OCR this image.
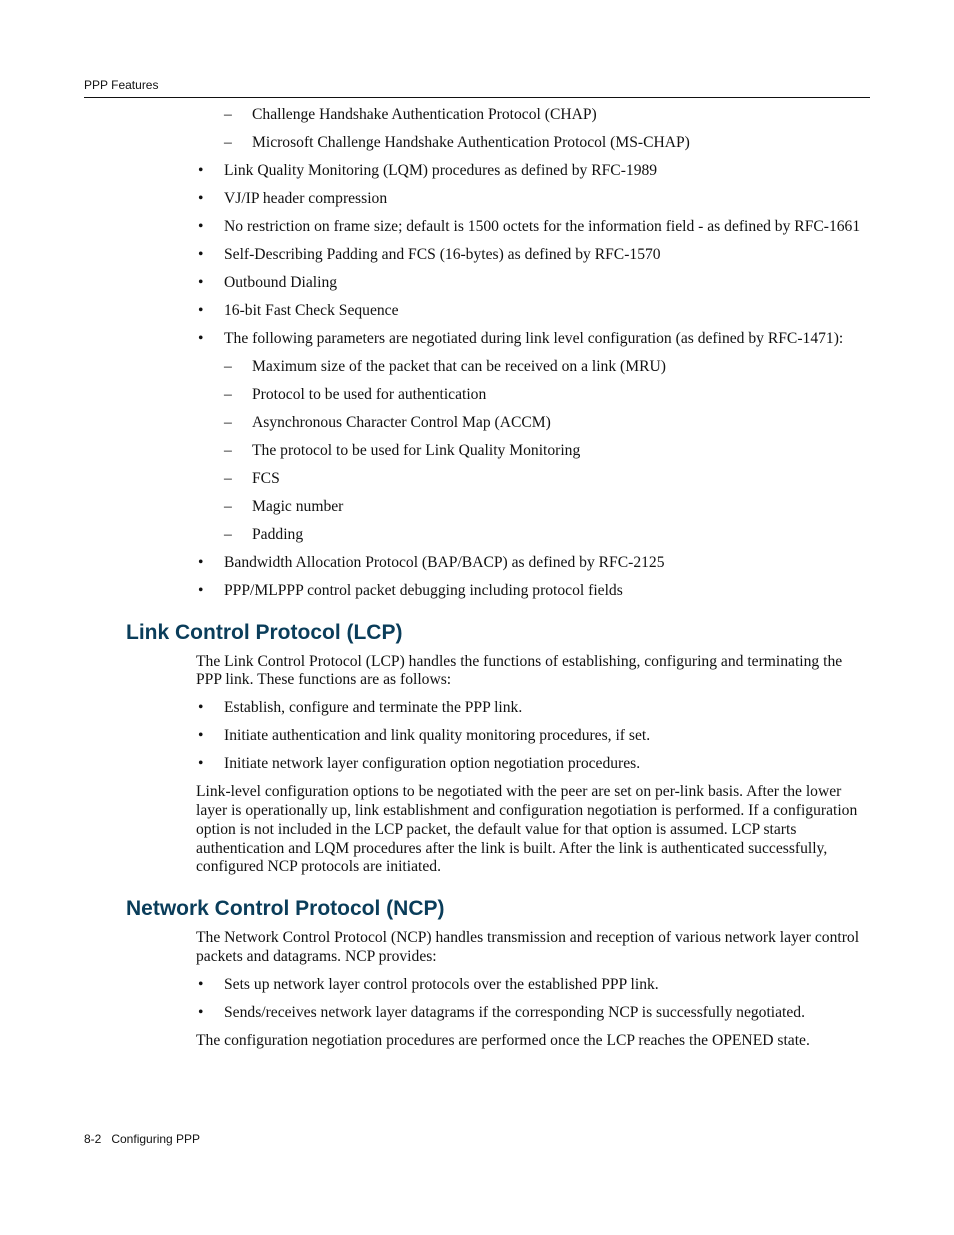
PPP Features
– Challenge Handshake Authentication Protocol (CHAP)
– Microsoft Challenge Handshake Authentication Protocol (MS-CHAP)
• Link Quality Monitoring (LQM) procedures as defined by RFC-1989
• VJ/IP header compression
• No restriction on frame size; default is 1500 octets for the information field - as defined by RFC-1661
• Self-Describing Padding and FCS (16-bytes) as defined by RFC-1570
• Outbound Dialing
• 16-bit Fast Check Sequence
• The following parameters are negotiated during link level configuration (as defined by RFC-1471):
– Maximum size of the packet that can be received on a link (MRU)
– Protocol to be used for authentication
– Asynchronous Character Control Map (ACCM)
– The protocol to be used for Link Quality Monitoring
– FCS
– Magic number
– Padding
• Bandwidth Allocation Protocol (BAP/BACP) as defined by RFC-2125
• PPP/MLPPP control packet debugging including protocol fields
Link Control Protocol (LCP)
The Link Control Protocol (LCP) handles the functions of establishing, configuring and terminating the PPP link. These functions are as follows:
• Establish, configure and terminate the PPP link.
• Initiate authentication and link quality monitoring procedures, if set.
• Initiate network layer configuration option negotiation procedures.
Link-level configuration options to be negotiated with the peer are set on per-link basis. After the lower layer is operationally up, link establishment and configuration negotiation is performed. If a configuration option is not included in the LCP packet, the default value for that option is assumed. LCP starts authentication and LQM procedures after the link is built. After the link is authenticated successfully, configured NCP protocols are initiated.
Network Control Protocol (NCP)
The Network Control Protocol (NCP) handles transmission and reception of various network layer control packets and datagrams. NCP provides:
• Sets up network layer control protocols over the established PPP link.
• Sends/receives network layer datagrams if the corresponding NCP is successfully negotiated.
The configuration negotiation procedures are performed once the LCP reaches the OPENED state.
8-2 Configuring PPP
